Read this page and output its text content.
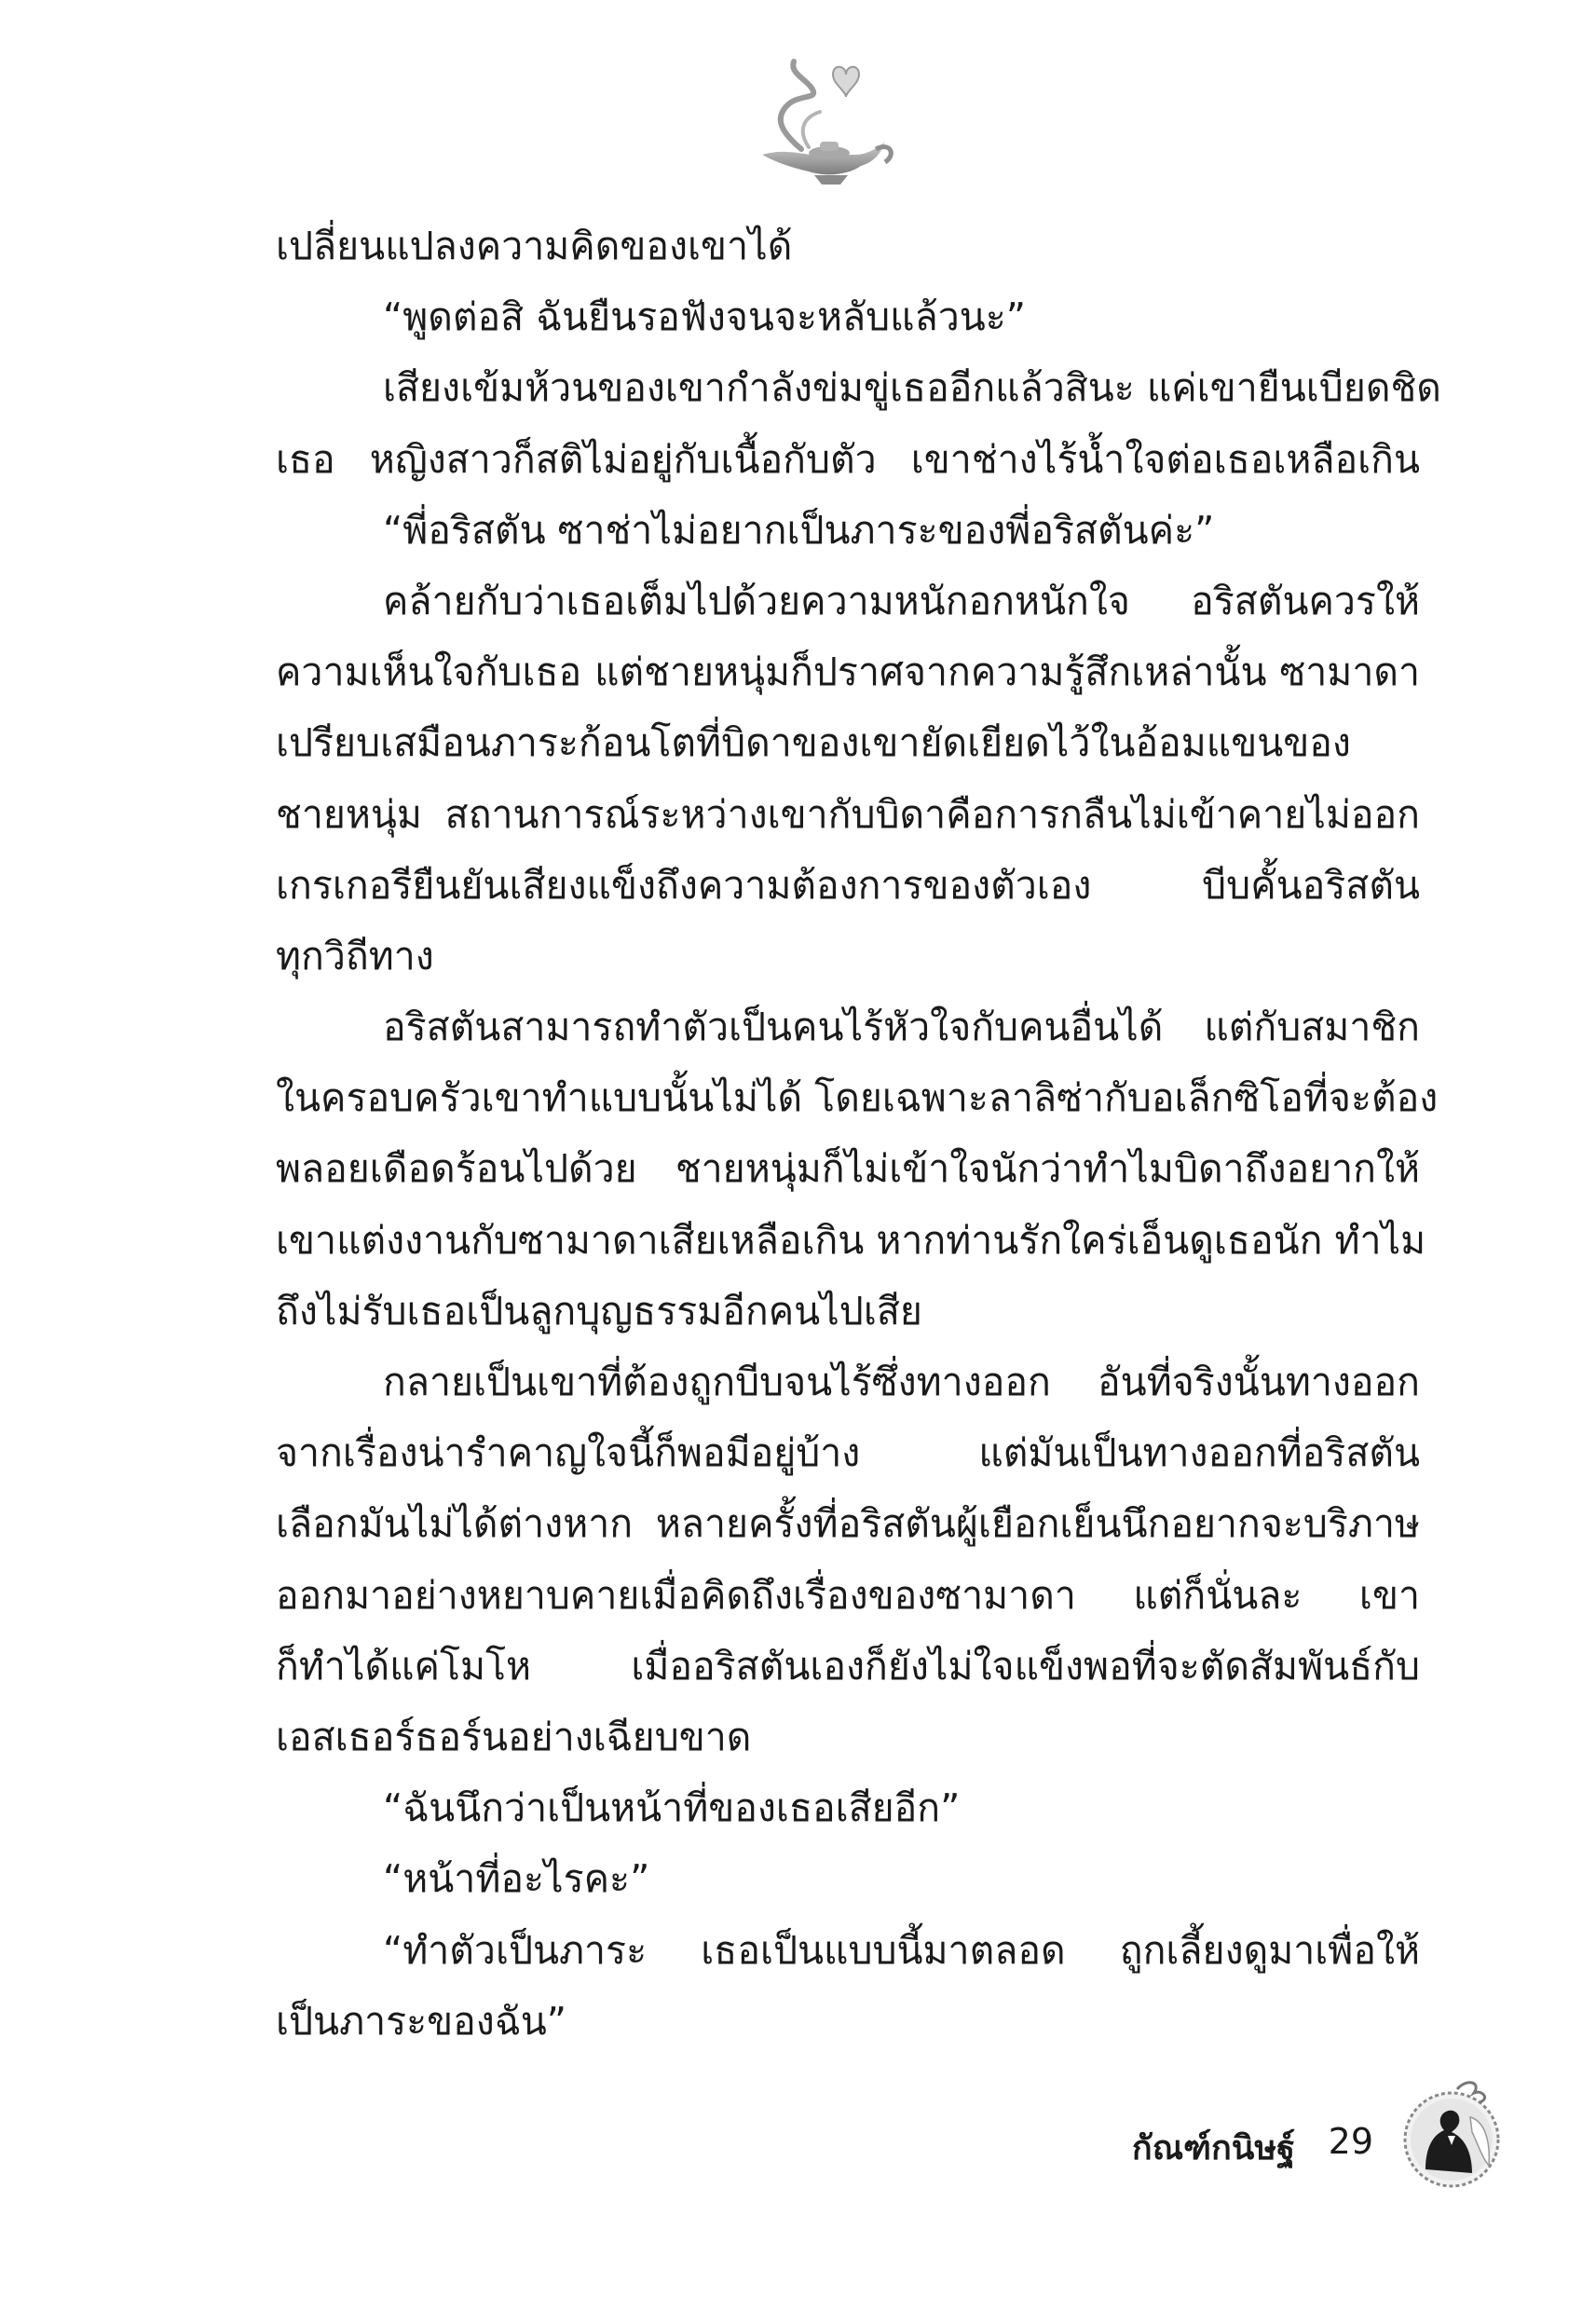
เปลี่ยนแปลงความคิดของเขาได้
“พูดต่อสิ ฉันยืนรอฟังจนจะหลับแล้วนะ”
เสียงเข้มห้วนของเขากำลังข่มขู่เธออีกแล้วสินะ แค่เขายืนเบียดชิด
เธอ หญิงสาวก็สติไม่อยู่กับเนื้อกับตัว เขาช่างไร้น้ำใจต่อเธอเหลือเกิน
“พี่อริสตัน ซาช่าไม่อยากเป็นภาระของพี่อริสตันค่ะ”
คล้ายกับว่าเธอเต็มไปด้วยความหนักอกหนักใจ อริสตันควรให้
ความเห็นใจกับเธอ แต่ชายหนุ่มก็ปราศจากความรู้สึกเหล่านั้น ซามาดา
เปรียบเสมือนภาระก้อนโตที่บิดาของเขายัดเยียดไว้ในอ้อมแขนของ
ชายหนุ่ม สถานการณ์ระหว่างเขากับบิดาคือการกลืนไม่เข้าคายไม่ออก
เกรเกอรียืนยันเสียงแข็งถึงความต้องการของตัวเอง บีบคั้นอริสตัน
ทุกวิถีทาง
อริสตันสามารถทำตัวเป็นคนไร้หัวใจกับคนอื่นได้ แต่กับสมาชิก
ในครอบครัวเขาทำแบบนั้นไม่ได้ โดยเฉพาะลาลิซ่ากับอเล็กซิโอที่จะต้อง
พลอยเดือดร้อนไปด้วย ชายหนุ่มก็ไม่เข้าใจนักว่าทำไมบิดาถึงอยากให้
เขาแต่งงานกับซามาดาเสียเหลือเกิน หากท่านรักใคร่เอ็นดูเธอนัก ทำไม
ถึงไม่รับเธอเป็นลูกบุญธรรมอีกคนไปเสีย
กลายเป็นเขาที่ต้องถูกบีบจนไร้ซึ่งทางออก อันที่จริงนั้นทางออก
จากเรื่องน่ารำคาญใจนี้ก็พอมีอยู่บ้าง แต่มันเป็นทางออกที่อริสตัน
เลือกมันไม่ได้ต่างหาก หลายครั้งที่อริสตันผู้เยือกเย็นนึกอยากจะบริภาษ
ออกมาอย่างหยาบคายเมื่อคิดถึงเรื่องของซามาดา แต่ก็นั่นละ เขา
ก็ทำได้แค่โมโห เมื่ออริสตันเองก็ยังไม่ใจแข็งพอที่จะตัดสัมพันธ์กับ
เอสเธอร์ธอร์นอย่างเฉียบขาด
“ฉันนึกว่าเป็นหน้าที่ของเธอเสียอีก”
“หน้าที่อะไรคะ”
“ทำตัวเป็นภาระ เธอเป็นแบบนี้มาตลอด ถูกเลี้ยงดูมาเพื่อให้
เป็นภาระของฉัน”
กัณฑ์กนิษฐ์ 29
